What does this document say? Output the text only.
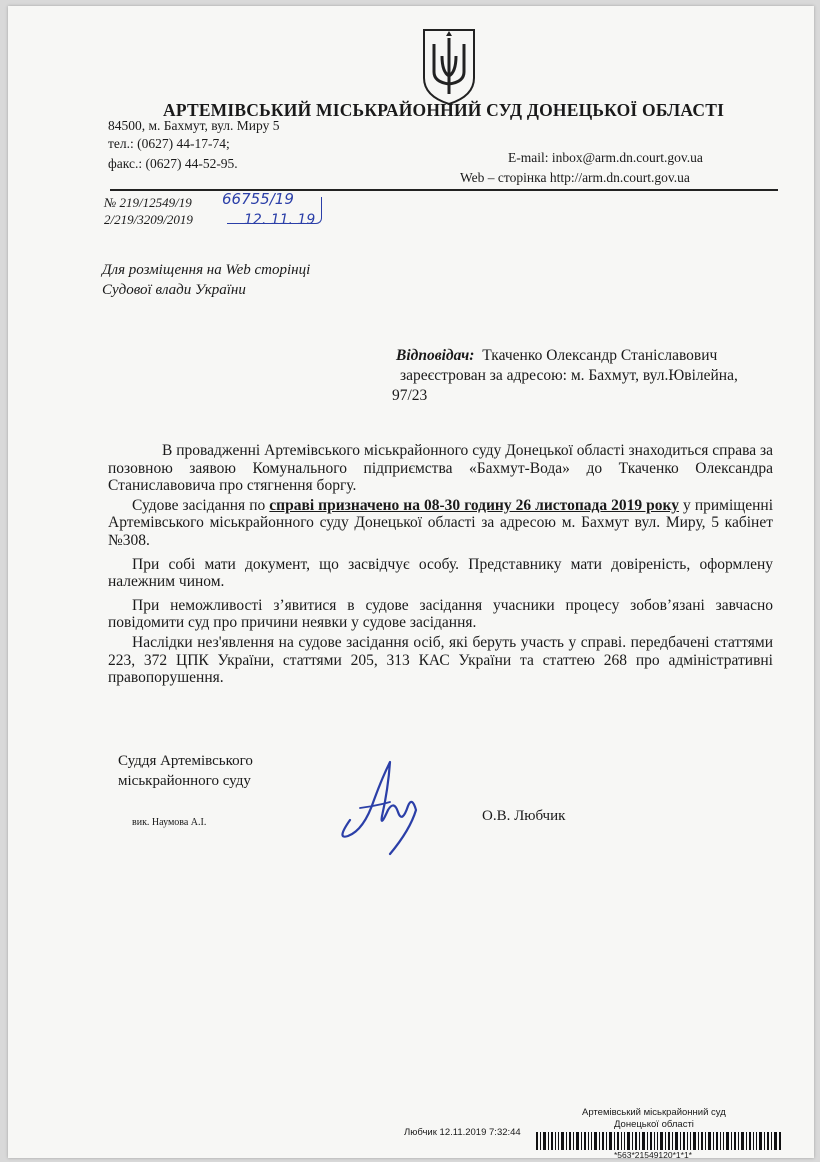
АРТЕМІВСЬКИЙ МІСЬКРАЙОННИЙ СУД ДОНЕЦЬКОЇ ОБЛАСТІ
84500, м. Бахмут, вул. Миру 5
тел.: (0627) 44-17-74;
факс.: (0627) 44-52-95.	E-mail: inbox@arm.dn.court.gov.ua
Web – сторінка http://arm.dn.court.gov.ua
№ 219/12549/19
2/219/3209/2019
66755/19
12. 11. 19
Для розміщення на Web сторінці
Судової влади України
Відповідач: Ткаченко Олександр Станіславович
зареєстрован за адресою: м. Бахмут, вул.Ювілейна,
97/23

В провадженні Артемівського міськрайонного суду Донецької області знаходиться справа за позовною заявою Комунального підприємства «Бахмут-Вода» до Ткаченко Олександра Станиславовича про стягнення боргу.

Судове засідання по справі призначено на 08-30 годину 26 листопада 2019 року у приміщенні Артемівського міськрайонного суду Донецької області за адресою м. Бахмут вул. Миру, 5 кабінет №308.

При собі мати документ, що засвідчує особу. Представнику мати довіреність, оформлену належним чином.

При неможливості з’явитися в судове засідання учасники процесу зобов’язані завчасно повідомити суд про причини неявки у судове засідання.

Наслідки нез'явлення на судове засідання осіб, які беруть участь у справі. передбачені статтями 223, 372 ЦПК України, статтями 205, 313 КАС України та статтею 268 про адміністративні правопорушення.

Суддя Артемівського
міськрайонного суду
вик. Наумова А.І.	О.В. Любчик
Артемівський міськрайонний суд
Донецької області
Любчик 12.11.2019 7:32:44
*563*21549120*1*1*
